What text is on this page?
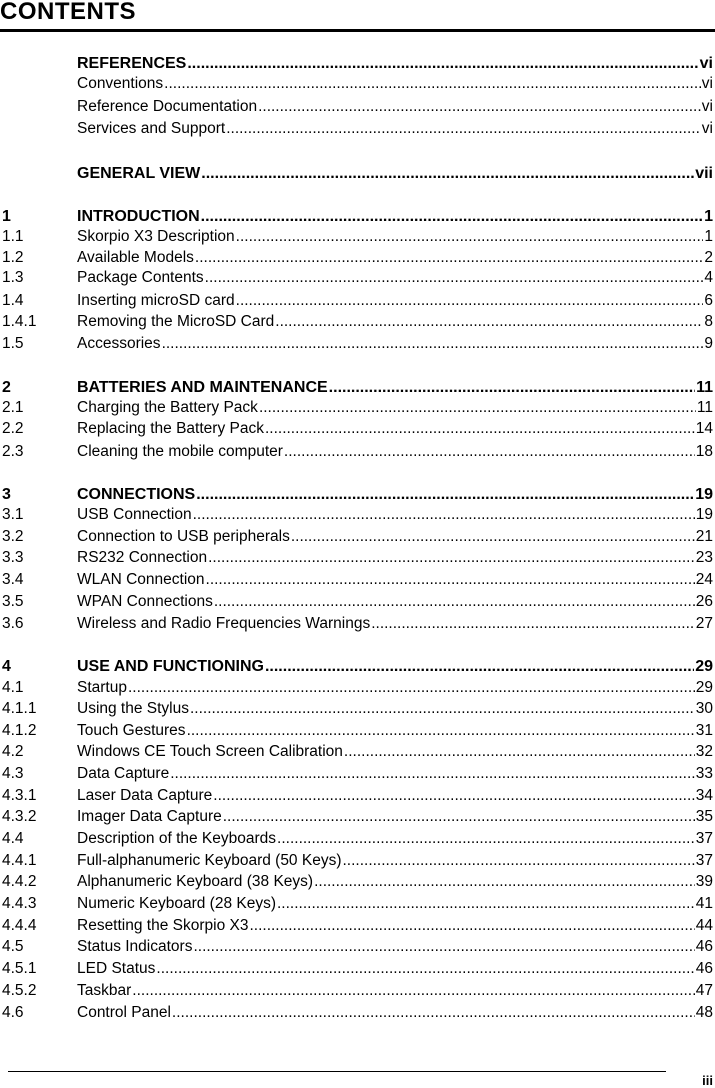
CONTENTS
REFERENCES .....	vi
Conventions .....	vi
Reference Documentation .....	vi
Services and Support .....	vi
GENERAL VIEW .....	vii
1	INTRODUCTION .....	1
1.1	Skorpio X3 Description .....	1
1.2	Available Models .....	2
1.3	Package Contents .....	4
1.4	Inserting microSD card .....	6
1.4.1	Removing the MicroSD Card .....	8
1.5	Accessories .....	9
2	BATTERIES AND MAINTENANCE .....	11
2.1	Charging the Battery Pack .....	11
2.2	Replacing the Battery Pack .....	14
2.3	Cleaning the mobile computer .....	18
3	CONNECTIONS .....	19
3.1	USB Connection .....	19
3.2	Connection to USB peripherals .....	21
3.3	RS232 Connection .....	23
3.4	WLAN Connection .....	24
3.5	WPAN Connections .....	26
3.6	Wireless and Radio Frequencies Warnings .....	27
4	USE AND FUNCTIONING .....	29
4.1	Startup .....	29
4.1.1	Using the Stylus .....	30
4.1.2	Touch Gestures .....	31
4.2	Windows CE Touch Screen Calibration .....	32
4.3	Data Capture .....	33
4.3.1	Laser Data Capture .....	34
4.3.2	Imager Data Capture .....	35
4.4	Description of the Keyboards .....	37
4.4.1	Full-alphanumeric Keyboard (50 Keys) .....	37
4.4.2	Alphanumeric Keyboard (38 Keys) .....	39
4.4.3	Numeric Keyboard (28 Keys) .....	41
4.4.4	Resetting the Skorpio X3 .....	44
4.5	Status Indicators .....	46
4.5.1	LED Status .....	46
4.5.2	Taskbar .....	47
4.6	Control Panel .....	48
iii
